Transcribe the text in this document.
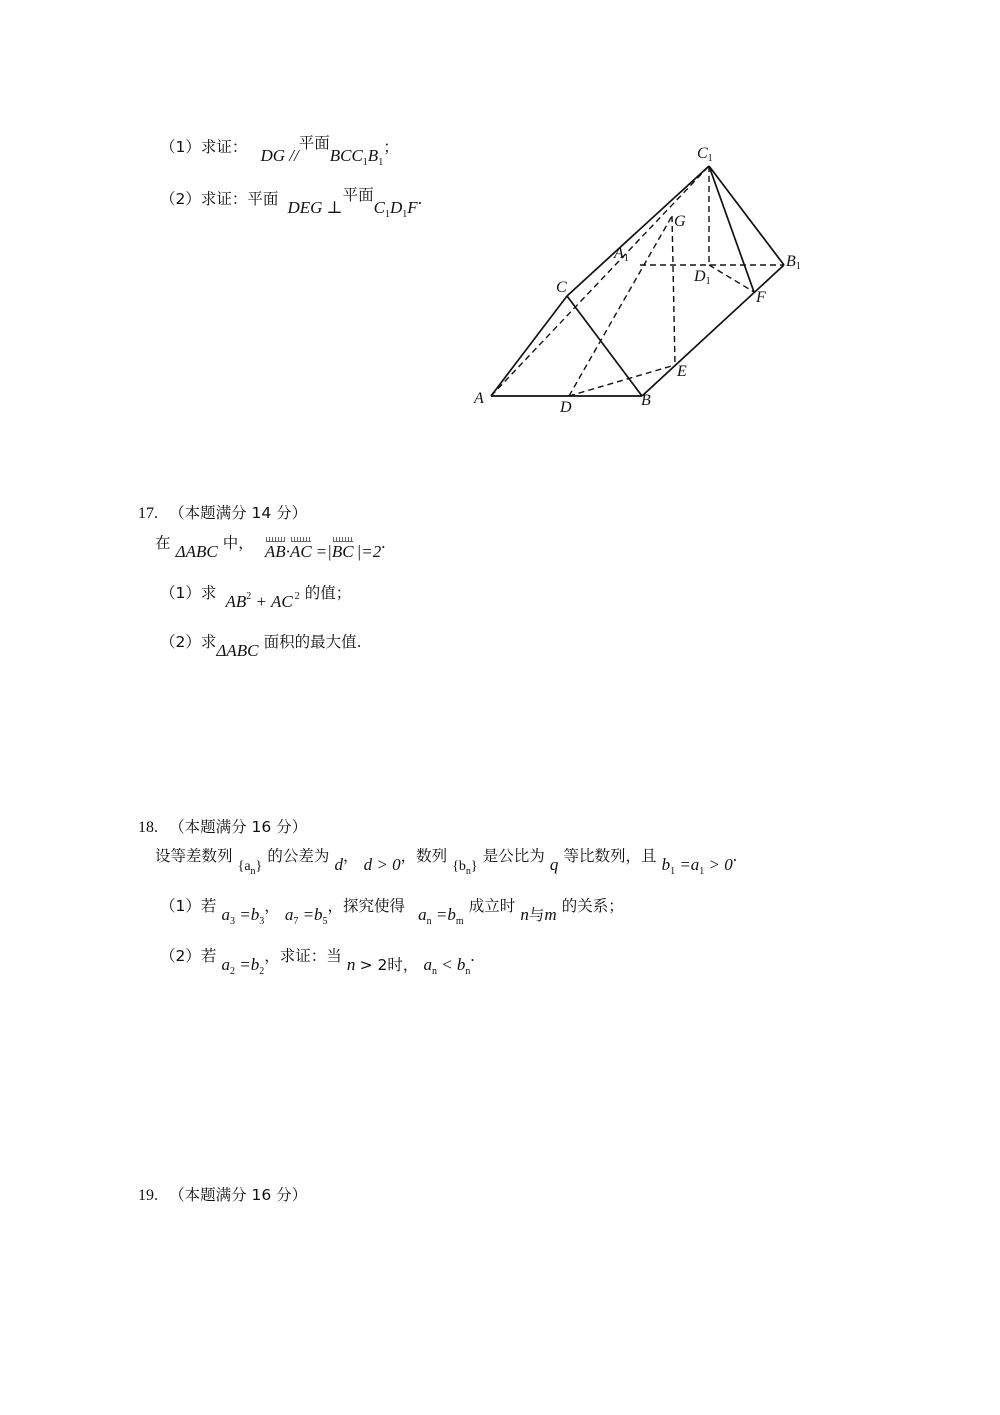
（1）求证： DG //平面$BCC_1B_1$；
（2）求证：平面 DEG ⊥平面$C_1D_1F$.
C1
G
A1
D1
B1
C
F
E
A
D	B
17. （本题满分 14 分）
在 ΔABC 中， AB·AC =|BC |=2.
（1）求 $AB^2$ + AC $^2$ 的值；
（2）求ΔABC 面积的最大值.
18. （本题满分 16 分）
设等差数列 $\{a_n\}$ 的公差为 d， d > 0，数列 $\{b_n\}$ 是公比为 q 等比数列，且 $b_1 =a_1 > 0$.
（1）若 $a_3 =b_3$， $a_7 =b_5$，探究使得 $a_n =b_m$ 成立时 n与m 的关系；
（2）若 $a_2 =b_2$，求证：当 n > 2时， $a_n < b_n$.
19. （本题满分 16 分）
